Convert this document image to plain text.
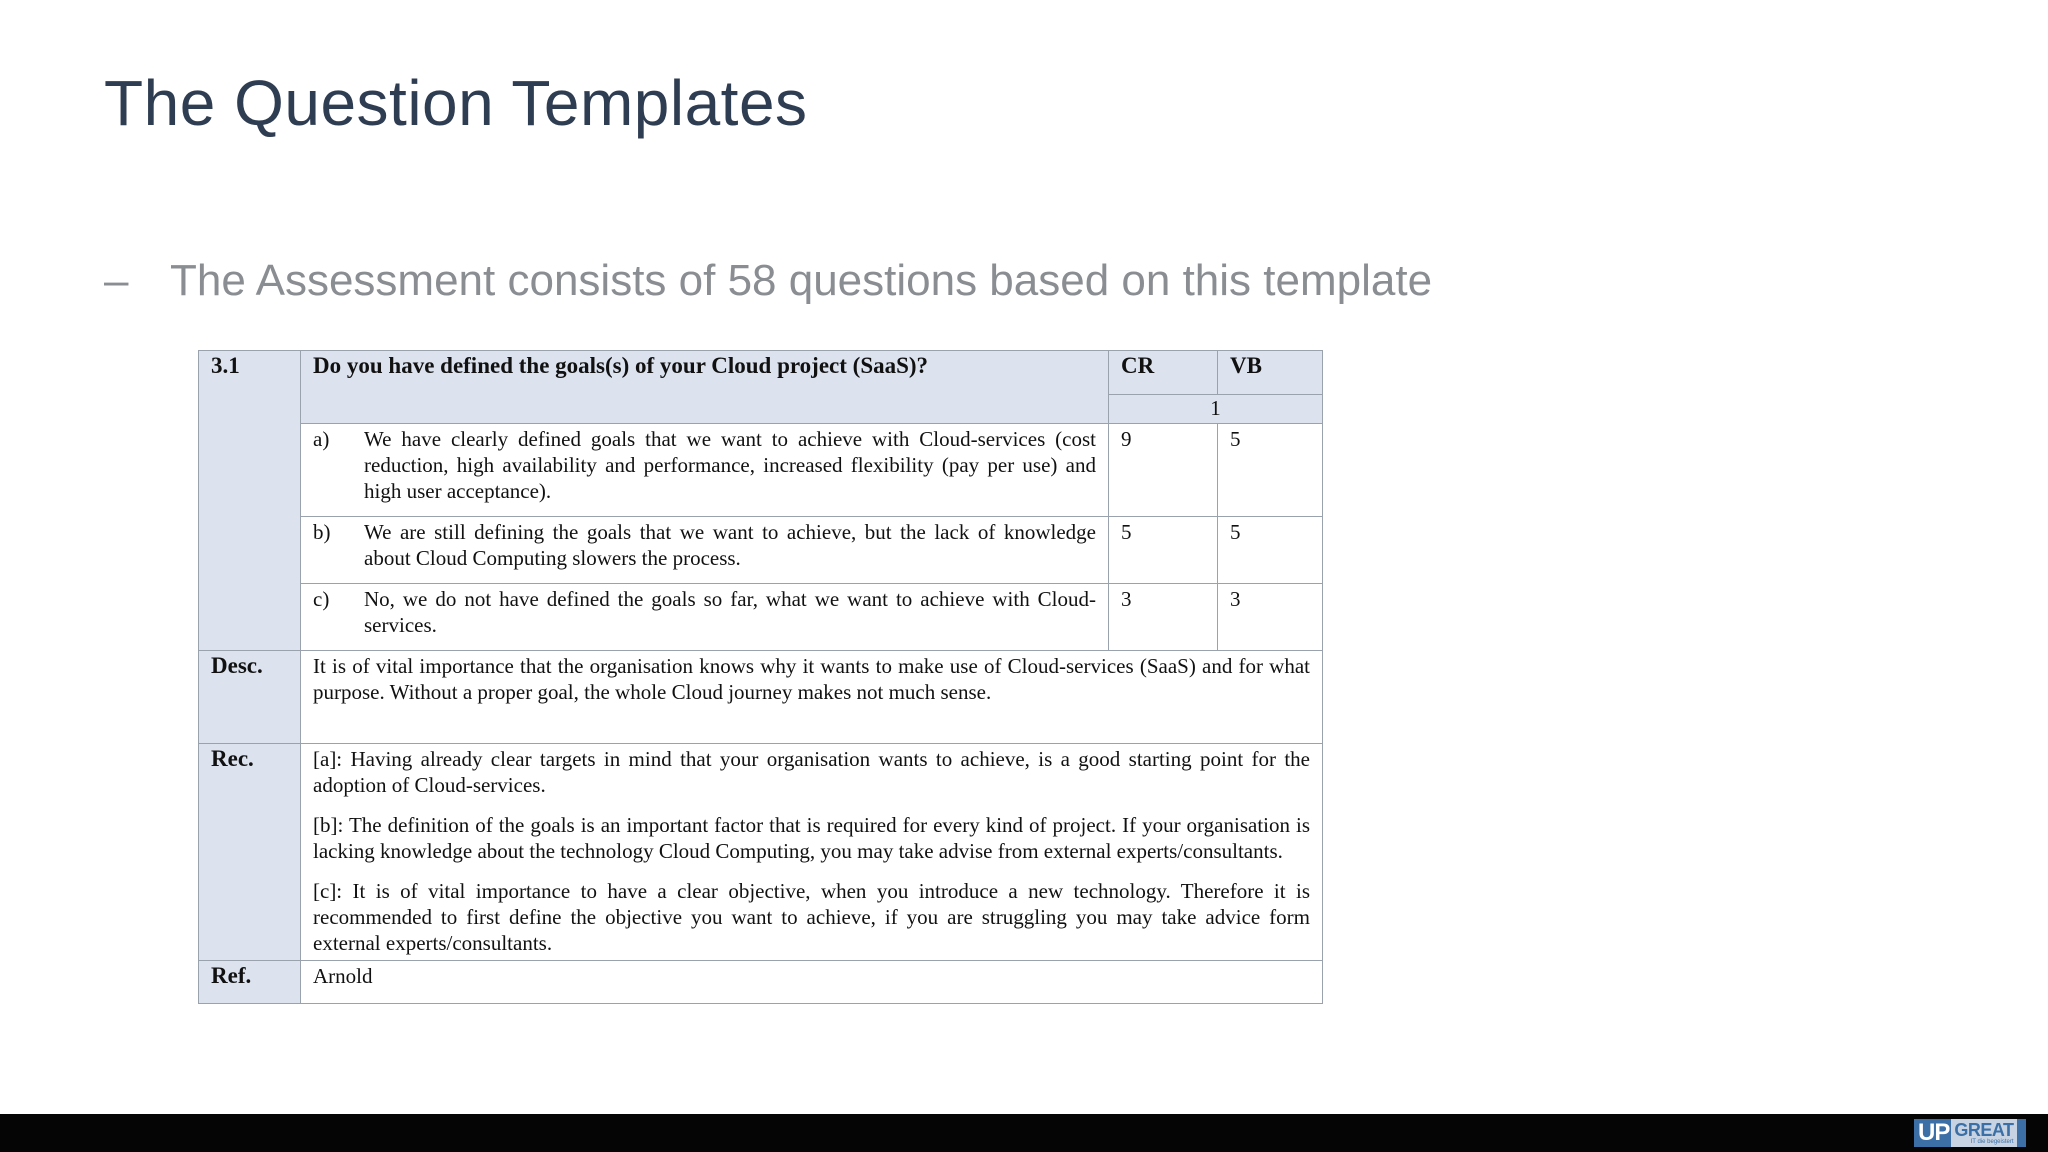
The Question Templates
– The Assessment consists of 58 questions based on this template
3.1	Do you have defined the goals(s) of your Cloud project (SaaS)?	CR	VB
		1	

	a) We have clearly defined goals that we want to achieve with Cloud-services (cost reduction, high availability and performance, increased flexibility (pay per use) and high user acceptance).	9	5

	b) We are still defining the goals that we want to achieve, but the lack of knowledge about Cloud Computing slowers the process.	5	5

	c) No, we do not have defined the goals so far, what we want to achieve with Cloud-services.	3	3
Desc.	It is of vital importance that the organisation knows why it wants to make use of Cloud-services (SaaS) and for what purpose. Without a proper goal, the whole Cloud journey makes not much sense.		
Rec.	[a]: Having already clear targets in mind that your organisation wants to achieve, is a good starting point for the adoption of Cloud-services.

[b]: The definition of the goals is an important factor that is required for every kind of project. If your organisation is lacking knowledge about the technology Cloud Computing, you may take advise from external experts/consultants.

[c]: It is of vital importance to have a clear objective, when you introduce a new technology. Therefore it is recommended to first define the objective you want to achieve, if you are struggling you may take advice form external experts/consultants.		

Ref.	Arnold		
UP GREAT
IT die begeistert
